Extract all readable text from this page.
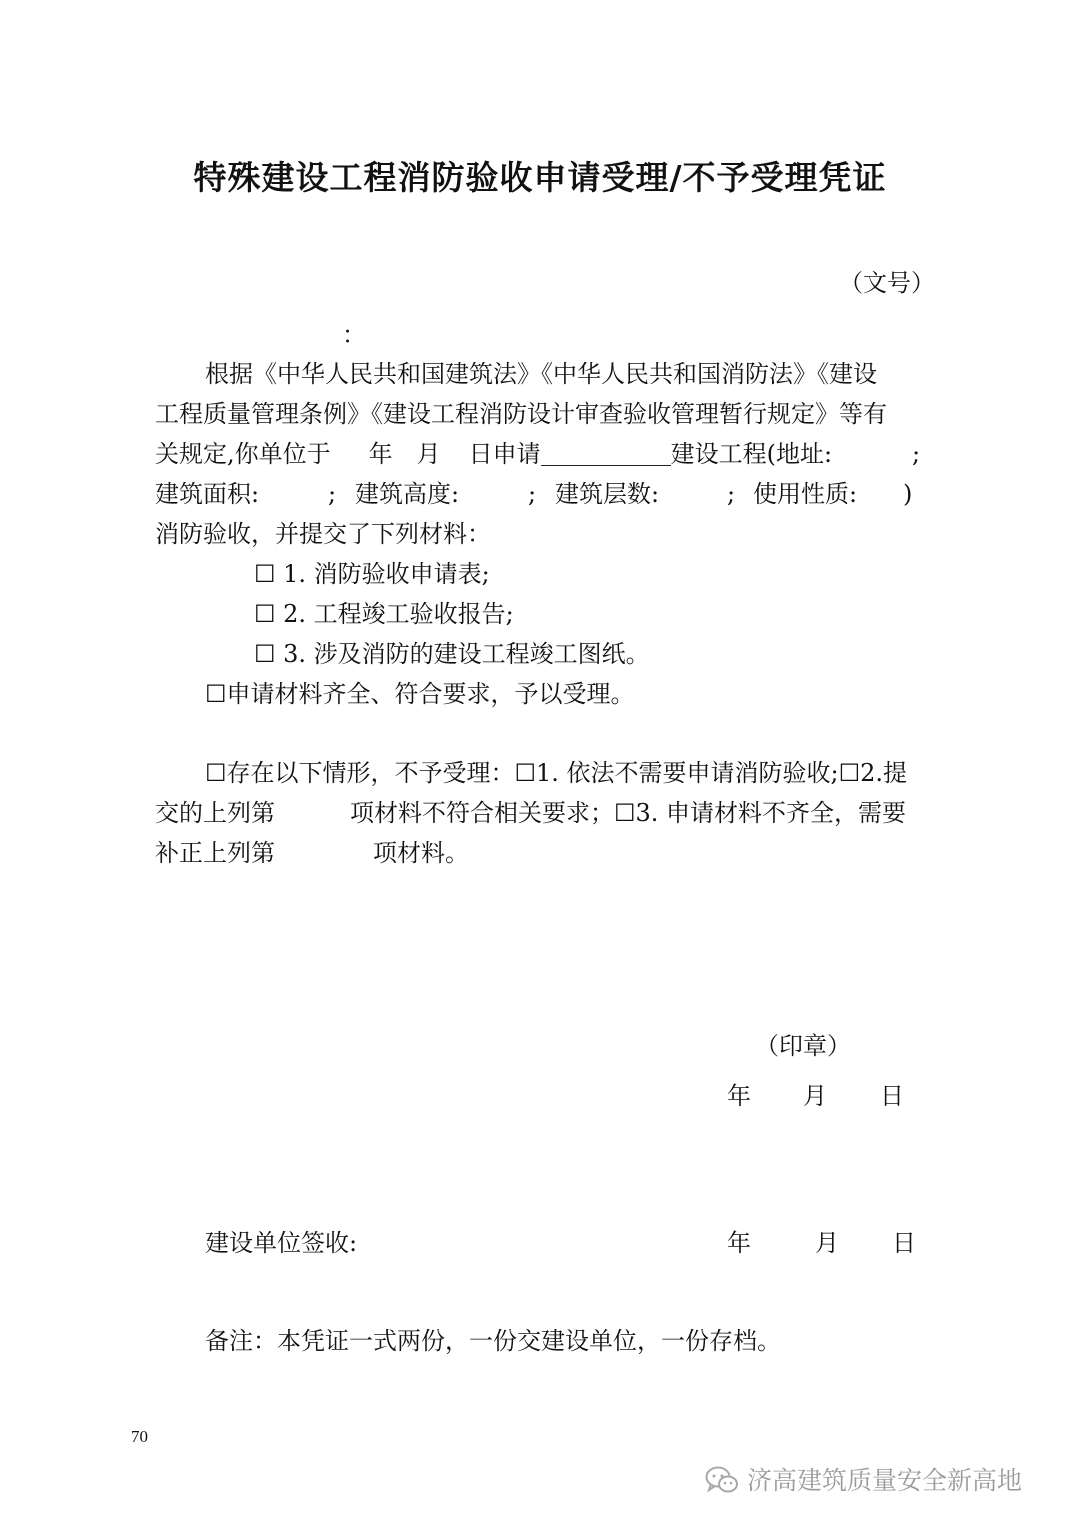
特殊建设工程消防验收申请受理/不予受理凭证
（文号）
：
根据《中华人民共和国建筑法》《中华人民共和国消防法》《建设
工程质量管理条例》《建设工程消防设计审查验收管理暂行规定》等有
关规定,你单位于 年 月 日申请	建设工程(地址:	;
建筑面积:	; 建筑高度:	; 建筑层数:	; 使用性质: )
消防验收，并提交了下列材料：
☐ 1. 消防验收申请表;
☐ 2. 工程竣工验收报告;
☐ 3. 涉及消防的建设工程竣工图纸。
☐申请材料齐全、符合要求，予以受理。
☐存在以下情形，不予受理：☐1. 依法不需要申请消防验收;☐2.提
交的上列第	项材料不符合相关要求；☐3. 申请材料不齐全，需要
补正上列第	项材料。
（印章）
年 月 日
建设单位签收:	年	月 日
备注：本凭证一式两份，一份交建设单位，一份存档。
70
济高建筑质量安全新高地
